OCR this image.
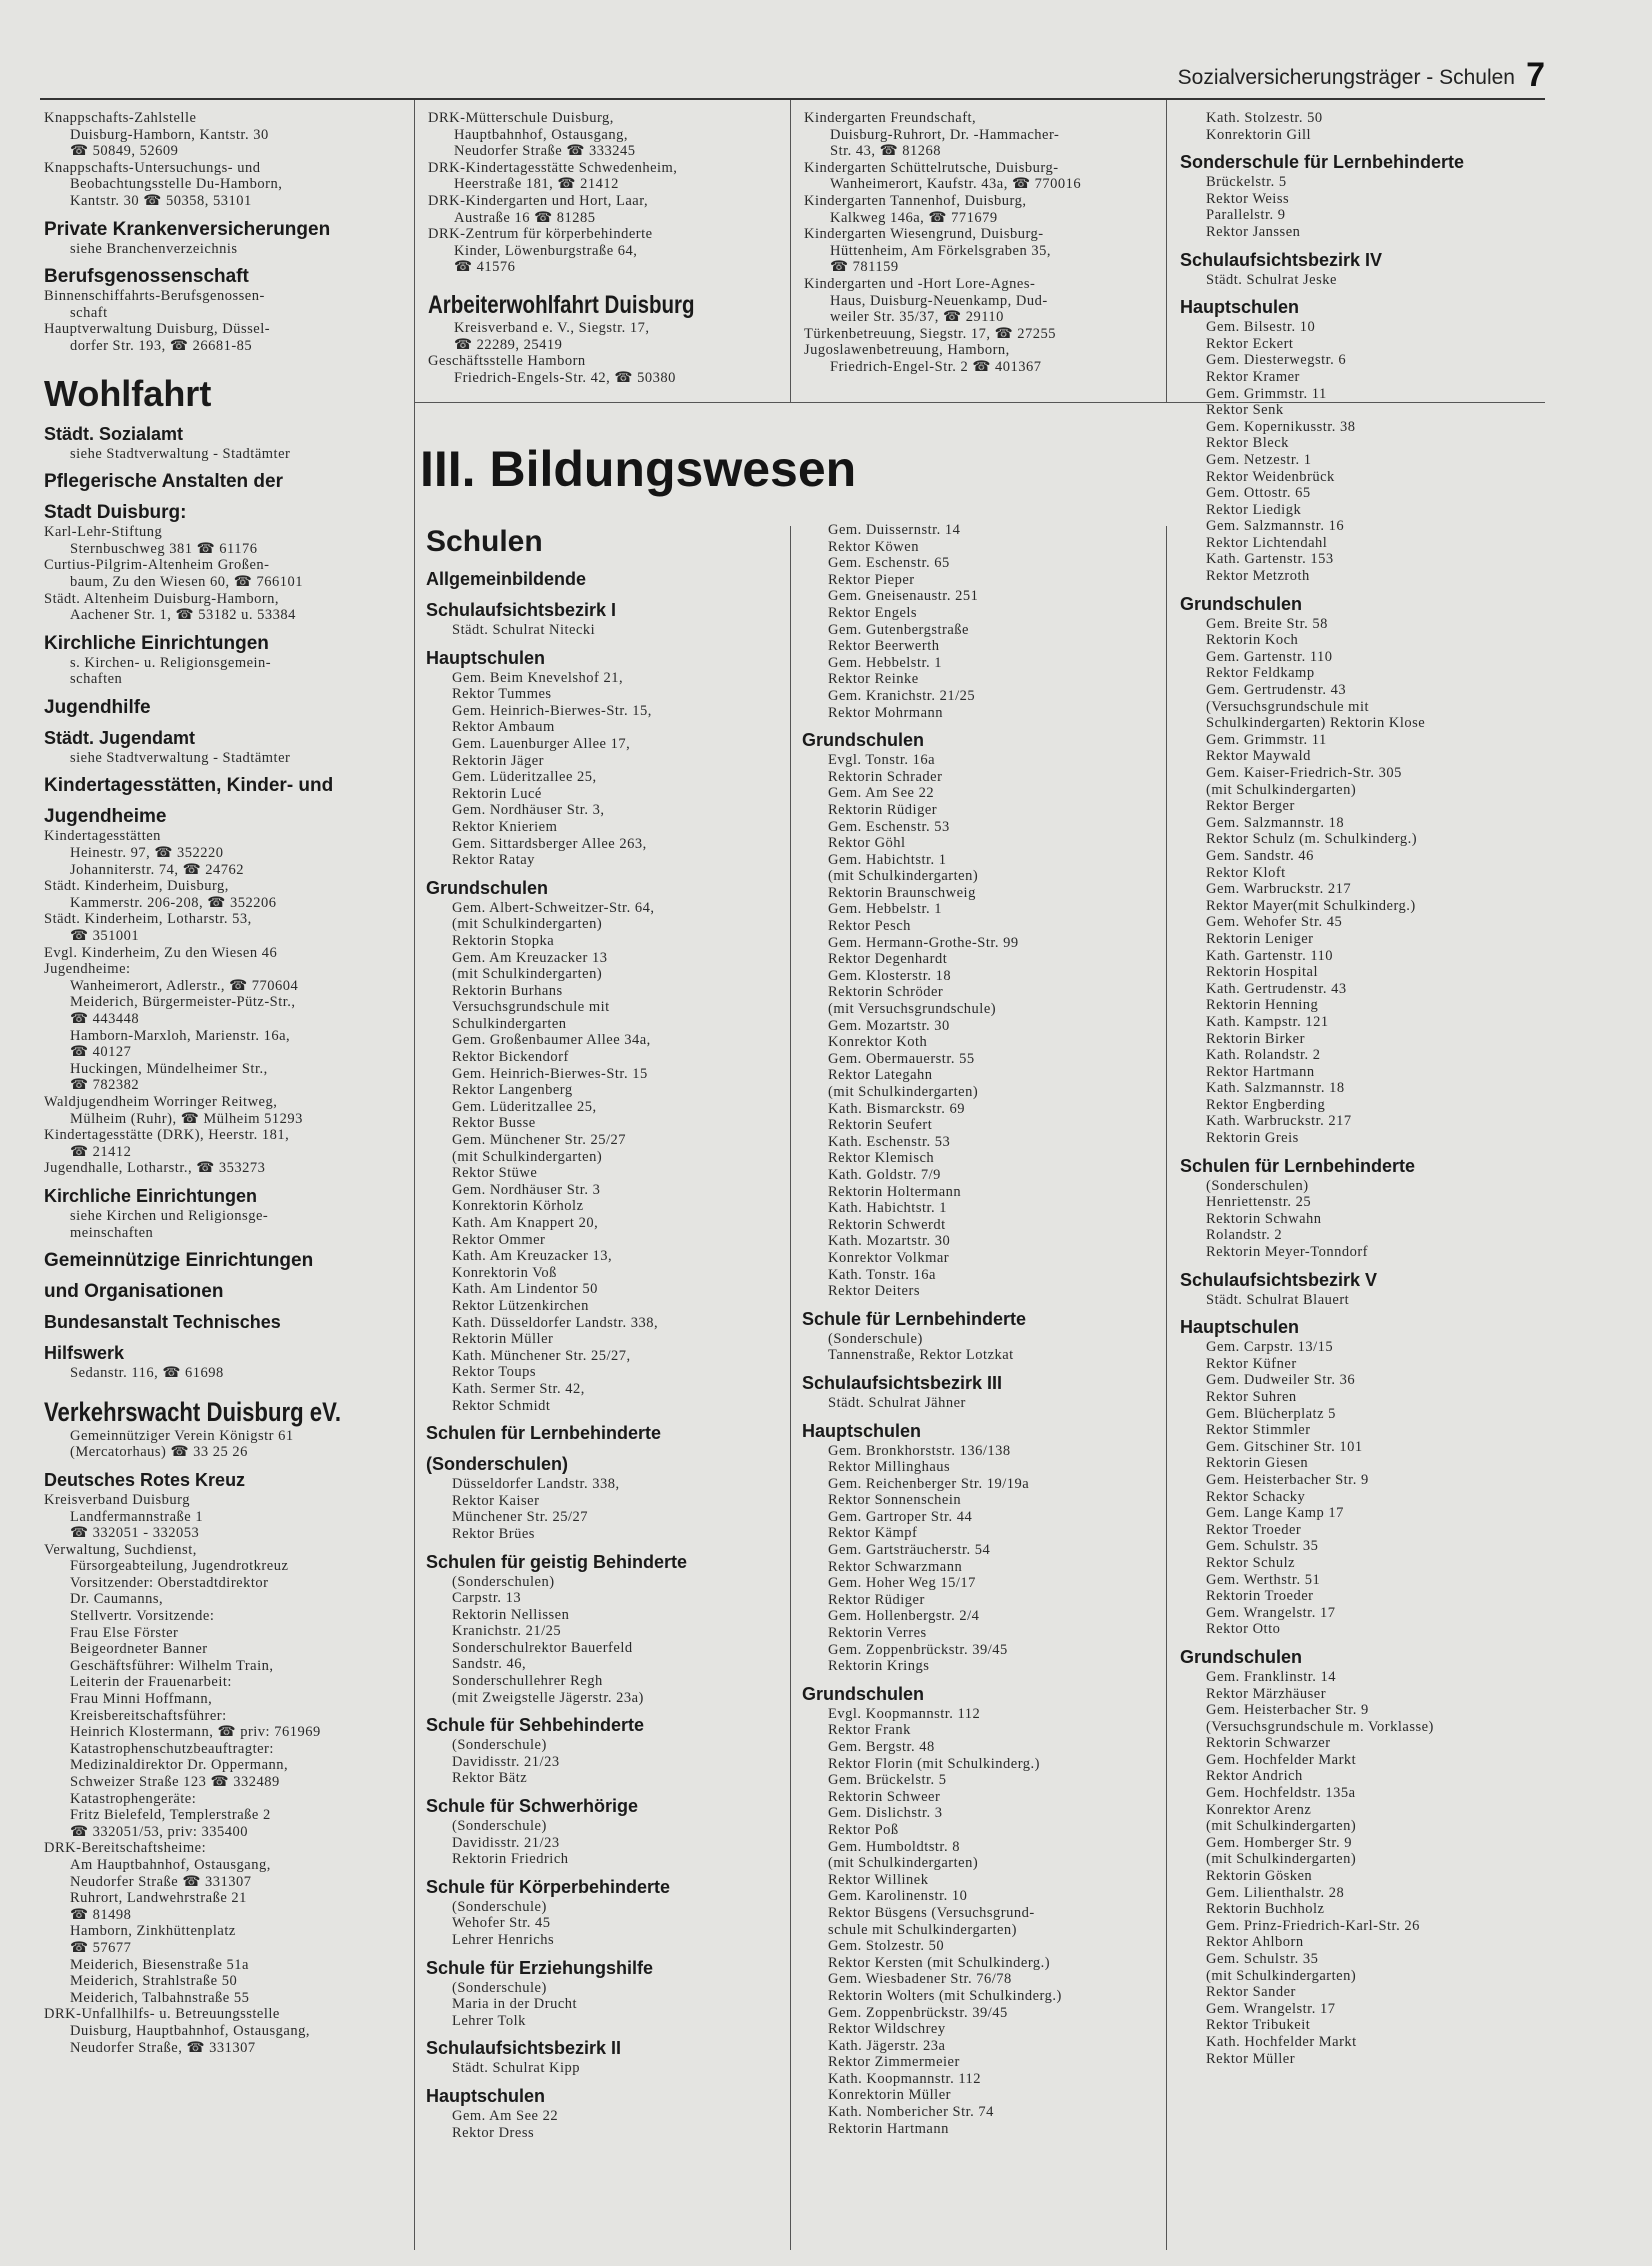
Sozialversicherungsträger - Schulen 7
III. Bildungswesen
Knappschafts-Zahlstelle
Duisburg-Hamborn, Kantstr. 30
☎ 50849, 52609
Knappschafts-Untersuchungs- und
Beobachtungsstelle Du-Hamborn,
Kantstr. 30 ☎ 50358, 53101
Private Krankenversicherungen
siehe Branchenverzeichnis
Berufsgenossenschaft
Binnenschiffahrts-Berufsgenossen-
schaft
Hauptverwaltung Duisburg, Düssel-
dorfer Str. 193, ☎ 26681-85
Wohlfahrt
Städt. Sozialamt
siehe Stadtverwaltung - Stadtämter
Pflegerische Anstalten der
Stadt Duisburg:
Karl-Lehr-Stiftung
Sternbuschweg 381 ☎ 61176
Curtius-Pilgrim-Altenheim Großen-
baum, Zu den Wiesen 60, ☎ 766101
Städt. Altenheim Duisburg-Hamborn,
Aachener Str. 1, ☎ 53182 u. 53384
Kirchliche Einrichtungen
s. Kirchen- u. Religionsgemein-
schaften
Jugendhilfe
Städt. Jugendamt
siehe Stadtverwaltung - Stadtämter
Kindertagesstätten, Kinder- und
Jugendheime
Kindertagesstätten
Heinestr. 97, ☎ 352220
Johanniterstr. 74, ☎ 24762
Städt. Kinderheim, Duisburg,
Kammerstr. 206-208, ☎ 352206
Städt. Kinderheim, Lotharstr. 53,
☎ 351001
Evgl. Kinderheim, Zu den Wiesen 46
Jugendheime:
Wanheimerort, Adlerstr., ☎ 770604
Meiderich, Bürgermeister-Pütz-Str.,
☎ 443448
Hamborn-Marxloh, Marienstr. 16a,
☎ 40127
Huckingen, Mündelheimer Str.,
☎ 782382
Waldjugendheim Worringer Reitweg,
Mülheim (Ruhr), ☎ Mülheim 51293
Kindertagesstätte (DRK), Heerstr. 181,
☎ 21412
Jugendhalle, Lotharstr., ☎ 353273
Kirchliche Einrichtungen
siehe Kirchen und Religionsge-
meinschaften
Gemeinnützige Einrichtungen
und Organisationen
Bundesanstalt Technisches
Hilfswerk
Sedanstr. 116, ☎ 61698
Verkehrswacht Duisburg eV.
Gemeinnütziger Verein Königstr 61
(Mercatorhaus) ☎ 33 25 26
Deutsches Rotes Kreuz
Kreisverband Duisburg
Landfermannstraße 1
☎ 332051 - 332053
Verwaltung, Suchdienst,
Fürsorgeabteilung, Jugendrotkreuz
Vorsitzender: Oberstadtdirektor
Dr. Caumanns,
Stellvertr. Vorsitzende:
Frau Else Förster
Beigeordneter Banner
Geschäftsführer: Wilhelm Train,
Leiterin der Frauenarbeit:
Frau Minni Hoffmann,
Kreisbereitschaftsführer:
Heinrich Klostermann, ☎ priv: 761969
Katastrophenschutzbeauftragter:
Medizinaldirektor Dr. Oppermann,
Schweizer Straße 123 ☎ 332489
Katastrophengeräte:
Fritz Bielefeld, Templerstraße 2
☎ 332051/53, priv: 335400
DRK-Bereitschaftsheime:
Am Hauptbahnhof, Ostausgang,
Neudorfer Straße ☎ 331307
Ruhrort, Landwehrstraße 21
☎ 81498
Hamborn, Zinkhüttenplatz
☎ 57677
Meiderich, Biesenstraße 51a
Meiderich, Strahlstraße 50
Meiderich, Talbahnstraße 55
DRK-Unfallhilfs- u. Betreuungsstelle
Duisburg, Hauptbahnhof, Ostausgang,
Neudorfer Straße, ☎ 331307
DRK-Mütterschule Duisburg,
Hauptbahnhof, Ostausgang,
Neudorfer Straße ☎ 333245
DRK-Kindertagesstätte Schwedenheim,
Heerstraße 181, ☎ 21412
DRK-Kindergarten und Hort, Laar,
Austraße 16 ☎ 81285
DRK-Zentrum für körperbehinderte
Kinder, Löwenburgstraße 64,
☎ 41576
Arbeiterwohlfahrt Duisburg
Kreisverband e. V., Siegstr. 17,
☎ 22289, 25419
Geschäftsstelle Hamborn
Friedrich-Engels-Str. 42, ☎ 50380
Kindergarten Freundschaft,
Duisburg-Ruhrort, Dr. -Hammacher-
Str. 43, ☎ 81268
Kindergarten Schüttelrutsche, Duisburg-
Wanheimerort, Kaufstr. 43a, ☎ 770016
Kindergarten Tannenhof, Duisburg,
Kalkweg 146a, ☎ 771679
Kindergarten Wiesengrund, Duisburg-
Hüttenheim, Am Förkelsgraben 35,
☎ 781159
Kindergarten und -Hort Lore-Agnes-
Haus, Duisburg-Neuenkamp, Dud-
weiler Str. 35/37, ☎ 29110
Türkenbetreuung, Siegstr. 17, ☎ 27255
Jugoslawenbetreuung, Hamborn,
Friedrich-Engel-Str. 2 ☎ 401367
Schulen
Allgemeinbildende
Schulaufsichtsbezirk I
Städt. Schulrat Nitecki
Hauptschulen
Gem. Beim Knevelshof 21,
Rektor Tummes
Gem. Heinrich-Bierwes-Str. 15,
Rektor Ambaum
Gem. Lauenburger Allee 17,
Rektorin Jäger
Gem. Lüderitzallee 25,
Rektorin Lucé
Gem. Nordhäuser Str. 3,
Rektor Knieriem
Gem. Sittardsberger Allee 263,
Rektor Ratay
Grundschulen
Gem. Albert-Schweitzer-Str. 64,
(mit Schulkindergarten)
Rektorin Stopka
Gem. Am Kreuzacker 13
(mit Schulkindergarten)
Rektorin Burhans
Versuchsgrundschule mit
Schulkindergarten
Gem. Großenbaumer Allee 34a,
Rektor Bickendorf
Gem. Heinrich-Bierwes-Str. 15
Rektor Langenberg
Gem. Lüderitzallee 25,
Rektor Busse
Gem. Münchener Str. 25/27
(mit Schulkindergarten)
Rektor Stüwe
Gem. Nordhäuser Str. 3
Konrektorin Körholz
Kath. Am Knappert 20,
Rektor Ommer
Kath. Am Kreuzacker 13,
Konrektorin Voß
Kath. Am Lindentor 50
Rektor Lützenkirchen
Kath. Düsseldorfer Landstr. 338,
Rektorin Müller
Kath. Münchener Str. 25/27,
Rektor Toups
Kath. Sermer Str. 42,
Rektor Schmidt
Schulen für Lernbehinderte
(Sonderschulen)
Düsseldorfer Landstr. 338,
Rektor Kaiser
Münchener Str. 25/27
Rektor Brües
Schulen für geistig Behinderte
(Sonderschulen)
Carpstr. 13
Rektorin Nellissen
Kranichstr. 21/25
Sonderschulrektor Bauerfeld
Sandstr. 46,
Sonderschullehrer Regh
(mit Zweigstelle Jägerstr. 23a)
Schule für Sehbehinderte
(Sonderschule)
Davidisstr. 21/23
Rektor Bätz
Schule für Schwerhörige
(Sonderschule)
Davidisstr. 21/23
Rektorin Friedrich
Schule für Körperbehinderte
(Sonderschule)
Wehofer Str. 45
Lehrer Henrichs
Schule für Erziehungshilfe
(Sonderschule)
Maria in der Drucht
Lehrer Tolk
Schulaufsichtsbezirk II
Städt. Schulrat Kipp
Hauptschulen
Gem. Am See 22
Rektor Dress
Gem. Duissernstr. 14
Rektor Köwen
Gem. Eschenstr. 65
Rektor Pieper
Gem. Gneisenaustr. 251
Rektor Engels
Gem. Gutenbergstraße
Rektor Beerwerth
Gem. Hebbelstr. 1
Rektor Reinke
Gem. Kranichstr. 21/25
Rektor Mohrmann
Grundschulen
Evgl. Tonstr. 16a
Rektorin Schrader
Gem. Am See 22
Rektorin Rüdiger
Gem. Eschenstr. 53
Rektor Göhl
Gem. Habichtstr. 1
(mit Schulkindergarten)
Rektorin Braunschweig
Gem. Hebbelstr. 1
Rektor Pesch
Gem. Hermann-Grothe-Str. 99
Rektor Degenhardt
Gem. Klosterstr. 18
Rektorin Schröder
(mit Versuchsgrundschule)
Gem. Mozartstr. 30
Konrektor Koth
Gem. Obermauerstr. 55
Rektor Lategahn
(mit Schulkindergarten)
Kath. Bismarckstr. 69
Rektorin Seufert
Kath. Eschenstr. 53
Rektor Klemisch
Kath. Goldstr. 7/9
Rektorin Holtermann
Kath. Habichtstr. 1
Rektorin Schwerdt
Kath. Mozartstr. 30
Konrektor Volkmar
Kath. Tonstr. 16a
Rektor Deiters
Schule für Lernbehinderte
(Sonderschule)
Tannenstraße, Rektor Lotzkat
Schulaufsichtsbezirk III
Städt. Schulrat Jähner
Hauptschulen
Gem. Bronkhorststr. 136/138
Rektor Millinghaus
Gem. Reichenberger Str. 19/19a
Rektor Sonnenschein
Gem. Gartroper Str. 44
Rektor Kämpf
Gem. Gartsträucherstr. 54
Rektor Schwarzmann
Gem. Hoher Weg 15/17
Rektor Rüdiger
Gem. Hollenbergstr. 2/4
Rektorin Verres
Gem. Zoppenbrückstr. 39/45
Rektorin Krings
Grundschulen
Evgl. Koopmannstr. 112
Rektor Frank
Gem. Bergstr. 48
Rektor Florin (mit Schulkinderg.)
Gem. Brückelstr. 5
Rektorin Schweer
Gem. Dislichstr. 3
Rektor Poß
Gem. Humboldtstr. 8
(mit Schulkindergarten)
Rektor Willinek
Gem. Karolinenstr. 10
Rektor Büsgens (Versuchsgrund-
schule mit Schulkindergarten)
Gem. Stolzestr. 50
Rektor Kersten (mit Schulkinderg.)
Gem. Wiesbadener Str. 76/78
Rektorin Wolters (mit Schulkinderg.)
Gem. Zoppenbrückstr. 39/45
Rektor Wildschrey
Kath. Jägerstr. 23a
Rektor Zimmermeier
Kath. Koopmannstr. 112
Konrektorin Müller
Kath. Nombericher Str. 74
Rektorin Hartmann
Kath. Stolzestr. 50
Konrektorin Gill
Sonderschule für Lernbehinderte
Brückelstr. 5
Rektor Weiss
Parallelstr. 9
Rektor Janssen
Schulaufsichtsbezirk IV
Städt. Schulrat Jeske
Hauptschulen
Gem. Bilsestr. 10
Rektor Eckert
Gem. Diesterwegstr. 6
Rektor Kramer
Gem. Grimmstr. 11
Rektor Senk
Gem. Kopernikusstr. 38
Rektor Bleck
Gem. Netzestr. 1
Rektor Weidenbrück
Gem. Ottostr. 65
Rektor Liedigk
Gem. Salzmannstr. 16
Rektor Lichtendahl
Kath. Gartenstr. 153
Rektor Metzroth
Grundschulen
Gem. Breite Str. 58
Rektorin Koch
Gem. Gartenstr. 110
Rektor Feldkamp
Gem. Gertrudenstr. 43
(Versuchsgrundschule mit
Schulkindergarten) Rektorin Klose
Gem. Grimmstr. 11
Rektor Maywald
Gem. Kaiser-Friedrich-Str. 305
(mit Schulkindergarten)
Rektor Berger
Gem. Salzmannstr. 18
Rektor Schulz (m. Schulkinderg.)
Gem. Sandstr. 46
Rektor Kloft
Gem. Warbruckstr. 217
Rektor Mayer(mit Schulkinderg.)
Gem. Wehofer Str. 45
Rektorin Leniger
Kath. Gartenstr. 110
Rektorin Hospital
Kath. Gertrudenstr. 43
Rektorin Henning
Kath. Kampstr. 121
Rektorin Birker
Kath. Rolandstr. 2
Rektor Hartmann
Kath. Salzmannstr. 18
Rektor Engberding
Kath. Warbruckstr. 217
Rektorin Greis
Schulen für Lernbehinderte
(Sonderschulen)
Henriettenstr. 25
Rektorin Schwahn
Rolandstr. 2
Rektorin Meyer-Tonndorf
Schulaufsichtsbezirk V
Städt. Schulrat Blauert
Hauptschulen
Gem. Carpstr. 13/15
Rektor Küfner
Gem. Dudweiler Str. 36
Rektor Suhren
Gem. Blücherplatz 5
Rektor Stimmler
Gem. Gitschiner Str. 101
Rektorin Giesen
Gem. Heisterbacher Str. 9
Rektor Schacky
Gem. Lange Kamp 17
Rektor Troeder
Gem. Schulstr. 35
Rektor Schulz
Gem. Werthstr. 51
Rektorin Troeder
Gem. Wrangelstr. 17
Rektor Otto
Grundschulen
Gem. Franklinstr. 14
Rektor Märzhäuser
Gem. Heisterbacher Str. 9
(Versuchsgrundschule m. Vorklasse)
Rektorin Schwarzer
Gem. Hochfelder Markt
Rektor Andrich
Gem. Hochfeldstr. 135a
Konrektor Arenz
(mit Schulkindergarten)
Gem. Homberger Str. 9
(mit Schulkindergarten)
Rektorin Gösken
Gem. Lilienthalstr. 28
Rektorin Buchholz
Gem. Prinz-Friedrich-Karl-Str. 26
Rektor Ahlborn
Gem. Schulstr. 35
(mit Schulkindergarten)
Rektor Sander
Gem. Wrangelstr. 17
Rektor Tribukeit
Kath. Hochfelder Markt
Rektor Müller
